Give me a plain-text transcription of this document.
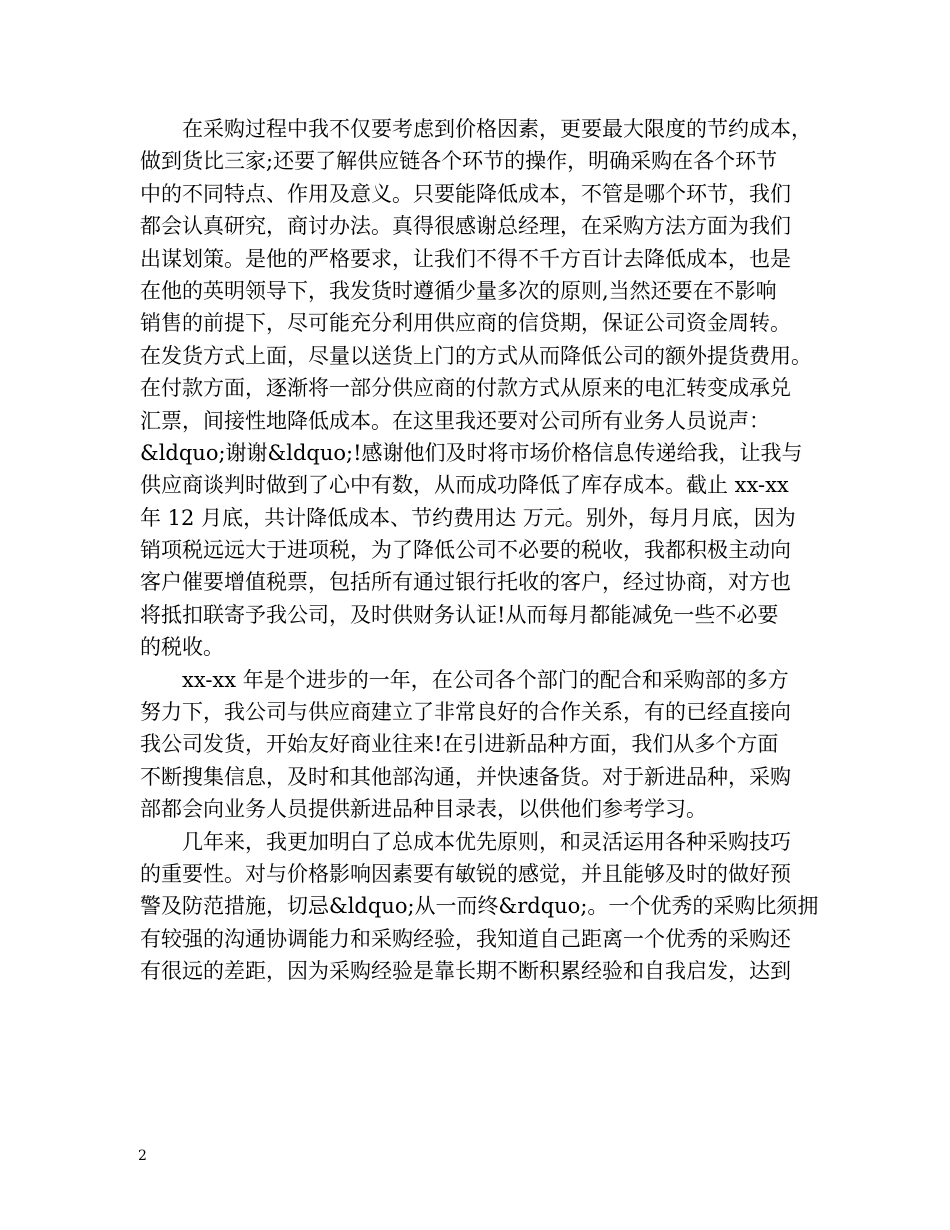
在采购过程中我不仅要考虑到价格因素，更要最大限度的节约成本，
做到货比三家;还要了解供应链各个环节的操作，明确采购在各个环节
中的不同特点、作用及意义。只要能降低成本，不管是哪个环节，我们
都会认真研究，商讨办法。真得很感谢总经理，在采购方法方面为我们
出谋划策。是他的严格要求，让我们不得不千方百计去降低成本，也是
在他的英明领导下，我发货时遵循少量多次的原则,当然还要在不影响
销售的前提下，尽可能充分利用供应商的信贷期，保证公司资金周转。
在发货方式上面，尽量以送货上门的方式从而降低公司的额外提货费用。
在付款方面，逐渐将一部分供应商的付款方式从原来的电汇转变成承兑
汇票，间接性地降低成本。在这里我还要对公司所有业务人员说声：
&ldquo;谢谢&ldquo;!感谢他们及时将市场价格信息传递给我，让我与
供应商谈判时做到了心中有数，从而成功降低了库存成本。截止 xx-xx
年 12 月底，共计降低成本、节约费用达 万元。别外，每月月底，因为
销项税远远大于进项税，为了降低公司不必要的税收，我都积极主动向
客户催要增值税票，包括所有通过银行托收的客户，经过协商，对方也
将抵扣联寄予我公司，及时供财务认证!从而每月都能减免一些不必要
的税收。
xx-xx 年是个进步的一年，在公司各个部门的配合和采购部的多方
努力下，我公司与供应商建立了非常良好的合作关系，有的已经直接向
我公司发货，开始友好商业往来!在引进新品种方面，我们从多个方面
不断搜集信息，及时和其他部沟通，并快速备货。对于新进品种，采购
部都会向业务人员提供新进品种目录表，以供他们参考学习。
几年来，我更加明白了总成本优先原则，和灵活运用各种采购技巧
的重要性。对与价格影响因素要有敏锐的感觉，并且能够及时的做好预
警及防范措施，切忌&ldquo;从一而终&rdquo;。一个优秀的采购比须拥
有较强的沟通协调能力和采购经验，我知道自己距离一个优秀的采购还
有很远的差距，因为采购经验是靠长期不断积累经验和自我启发，达到
2
